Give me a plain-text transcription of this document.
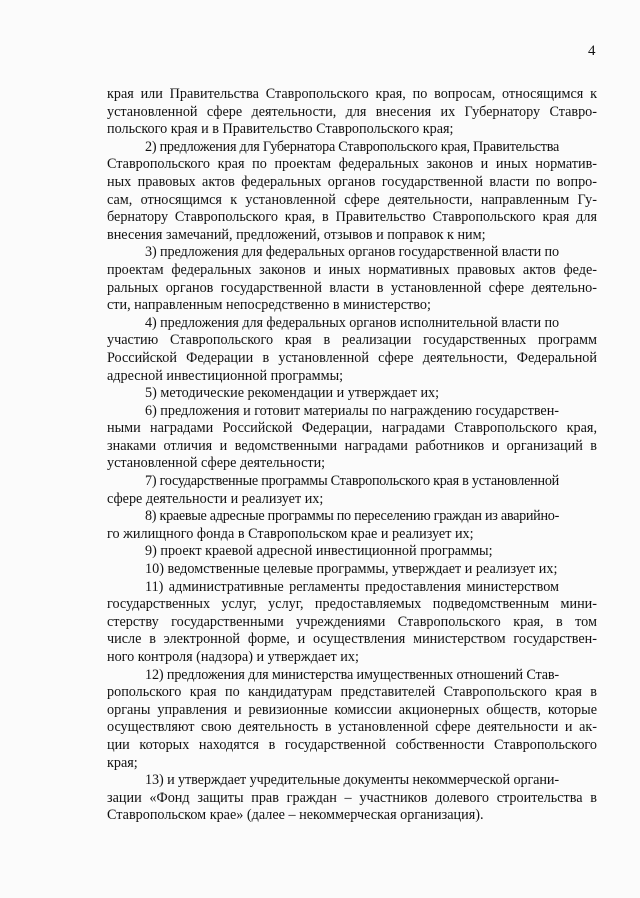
4
края или Правительства Ставропольского края, по вопросам, относящимся к
установленной сфере деятельности, для внесения их Губернатору Ставро-
польского края и в Правительство Ставропольского края;
2) предложения для Губернатора Ставропольского края, Правительства
Ставропольского края по проектам федеральных законов и иных норматив-
ных правовых актов федеральных органов государственной власти по вопро-
сам, относящимся к установленной сфере деятельности, направленным Гу-
бернатору Ставропольского края, в Правительство Ставропольского края для
внесения замечаний, предложений, отзывов и поправок к ним;
3) предложения для федеральных органов государственной власти по
проектам федеральных законов и иных нормативных правовых актов феде-
ральных органов государственной власти в установленной сфере деятельно-
сти, направленным непосредственно в министерство;
4) предложения для федеральных органов исполнительной власти по
участию Ставропольского края в реализации государственных программ
Российской Федерации в установленной сфере деятельности, Федеральной
адресной инвестиционной программы;
5) методические рекомендации и утверждает их;
6) предложения и готовит материалы по награждению государствен-
ными наградами Российской Федерации, наградами Ставропольского края,
знаками отличия и ведомственными наградами работников и организаций в
установленной сфере деятельности;
7) государственные программы Ставропольского края в установленной
сфере деятельности и реализует их;
8) краевые адресные программы по переселению граждан из аварийно-
го жилищного фонда в Ставропольском крае и реализует их;
9) проект краевой адресной инвестиционной программы;
10) ведомственные целевые программы, утверждает и реализует их;
11) административные регламенты предоставления министерством
государственных услуг, услуг, предоставляемых подведомственным мини-
стерству государственными учреждениями Ставропольского края, в том
числе в электронной форме, и осуществления министерством государствен-
ного контроля (надзора) и утверждает их;
12) предложения для министерства имущественных отношений Став-
ропольского края по кандидатурам представителей Ставропольского края в
органы управления и ревизионные комиссии акционерных обществ, которые
осуществляют свою деятельность в установленной сфере деятельности и ак-
ции которых находятся в государственной собственности Ставропольского
края;
13) и утверждает учредительные документы некоммерческой органи-
зации «Фонд защиты прав граждан – участников долевого строительства в
Ставропольском крае» (далее – некоммерческая организация).
